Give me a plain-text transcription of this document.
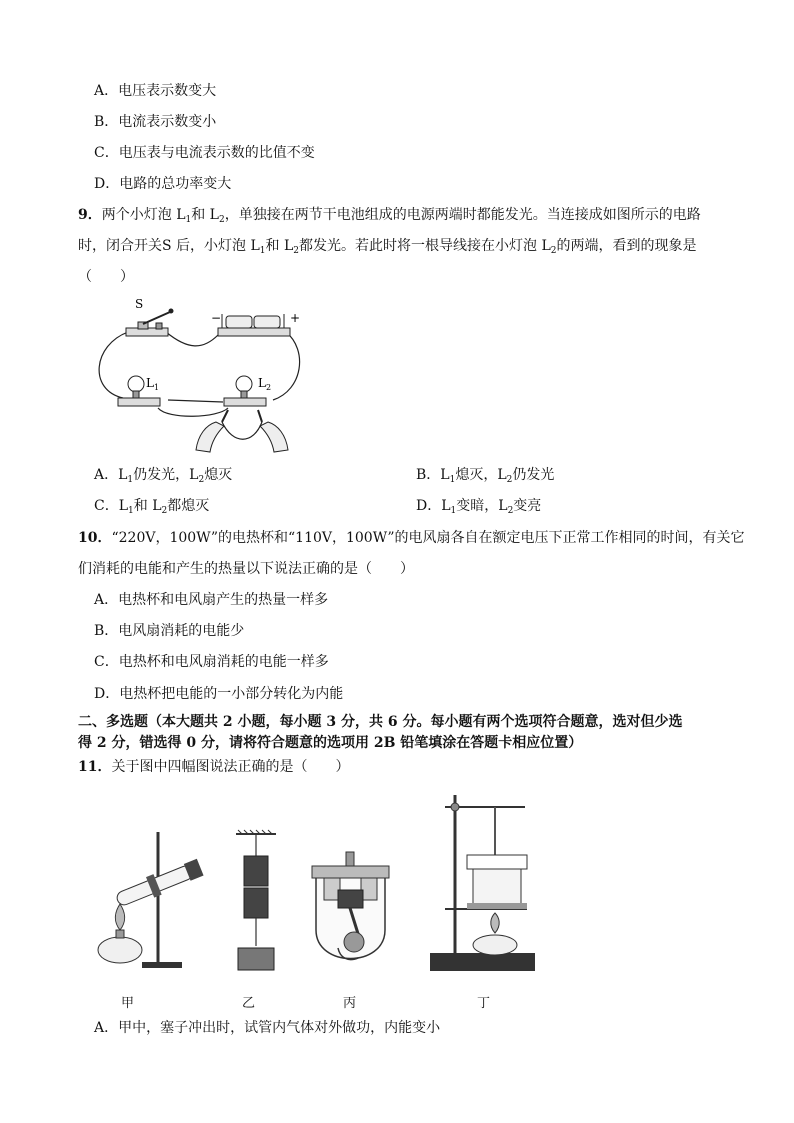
A．电压表示数变大
B．电流表示数变小
C．电压表与电流表示数的比值不变
D．电路的总功率变大
9．两个小灯泡 $L_1$和 $L_2$，单独接在两节干电池组成的电源两端时都能发光。当连接成如图所示的电路
时，闭合开关S 后，小灯泡 $L_1$和 $L_2$都发光。若此时将一根导线接在小灯泡 $L_2$的两端，看到的现象是
（　　）
S
−	+
$L_1$	$L_2$
A．$L_1$仍发光，$L_2$熄灭	B．$L_1$熄灭，$L_2$仍发光
C．$L_1$和 $L_2$都熄灭	D．$L_1$变暗，$L_2$变亮
10．“220V，100W”的电热杯和“110V，100W”的电风扇各自在额定电压下正常工作相同的时间，有关它
们消耗的电能和产生的热量以下说法正确的是（　　）
A．电热杯和电风扇产生的热量一样多
B．电风扇消耗的电能少
C．电热杯和电风扇消耗的电能一样多
D．电热杯把电能的一小部分转化为内能
二、多选题（本大题共 2 小题，每小题 3 分，共 6 分。每小题有两个选项符合题意，选对但少选
得 2 分，错选得 0 分，请将符合题意的选项用 2B 铅笔填涂在答题卡相应位置）
11．关于图中四幅图说法正确的是（　　）
甲	乙	丙	丁
A．甲中，塞子冲出时，试管内气体对外做功，内能变小
